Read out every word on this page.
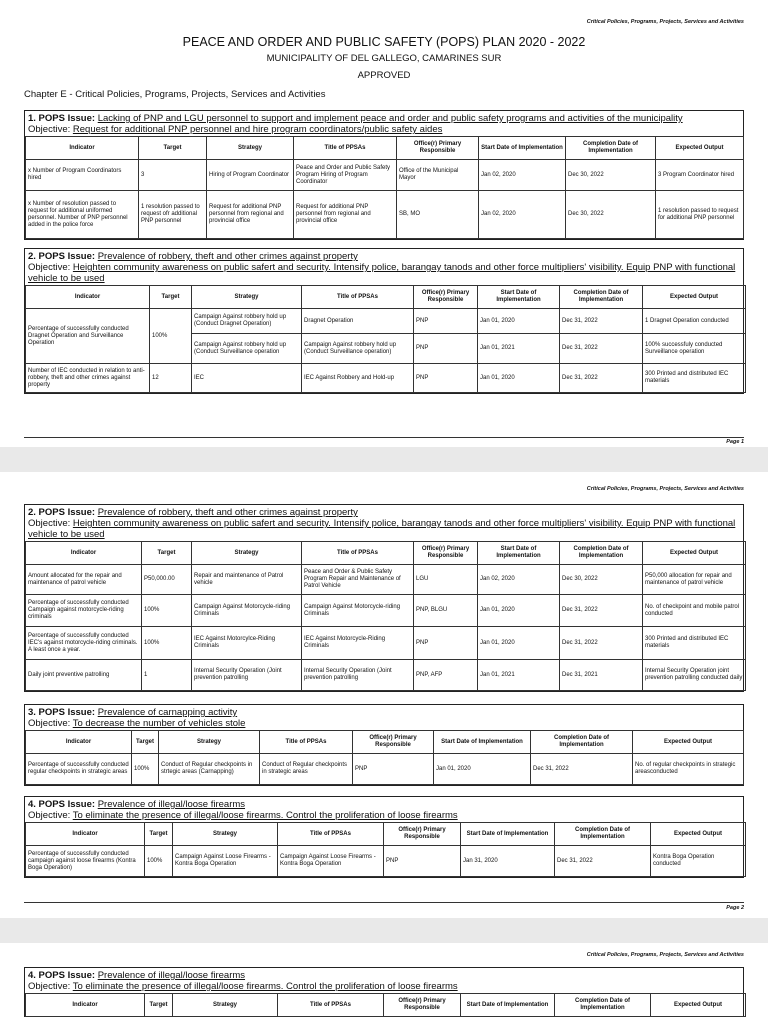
Critical Policies, Programs, Projects, Services and Activities
PEACE AND ORDER AND PUBLIC SAFETY (POPS) PLAN 2020 - 2022
MUNICIPALITY OF DEL GALLEGO, CAMARINES SUR
APPROVED
Chapter E - Critical Policies, Programs, Projects, Services and Activities
1. POPS Issue: Lacking of PNP and LGU personnel to support and implement peace and order and public safety programs and activities of the municipality
Objective: Request for additional PNP personnel and hire program coordinators/public safety aides
Indicator	Target	Strategy	Title of PPSAs	Office(r) Primary Responsible	Start Date of Implementation	Completion Date of Implementation	Expected Output
x Number of Program Coordinators hired	3	Hiring of Program Coordinator	Peace and Order and Public Safety Program Hiring of Program Coordinator	Office of the Municipal Mayor	Jan 02, 2020	Dec 30, 2022	3 Program Coordinator hired
x Number of resolution passed to request for additional uniformed personnel. Number of PNP personnel added in the police force	1 resolution passed to request ofr additional PNP personnel	Request for additional PNP personnel from regional and provincial office	Request for additional PNP personnel from regional and provincial office	SB, MO	Jan 02, 2020	Dec 30, 2022	1 resolution passed to request for additional PNP personnel
2. POPS Issue: Prevalence of robbery, theft and other crimes against property
Objective: Heighten community awareness on public safert and security. Intensify police, barangay tanods and other force multipliers' visibility. Equip PNP with functional vehicle to be used
Indicator	Target	Strategy	Title of PPSAs	Office(r) Primary Responsible	Start Date of Implementation	Completion Date of Implementation	Expected Output
Percentage of successfully conducted Dragnet Operation and Surveillance Operation	100%	Campaign Against robbery hold up (Conduct Dragnet Operation)	Dragnet Operation	PNP	Jan 01, 2020	Dec 31, 2022	1 Dragnet Operation conducted
		Campaign Against robbery hold up (Conduct Surveillance operation	Campaign Against robbery hold up (Conduct Surveillance operation)	PNP	Jan 01, 2021	Dec 31, 2022	100% successfuly conducted Surveillance operation
Number of IEC conducted in relation to anti-robbery, theft and other crimes against property	12	IEC	IEC Against Robbery and Hold-up	PNP	Jan 01, 2020	Dec 31, 2022	300 Printed and distributed IEC materials
Page 1
Critical Policies, Programs, Projects, Services and Activities
2. POPS Issue: Prevalence of robbery, theft and other crimes against property
Objective: Heighten community awareness on public safert and security. Intensify police, barangay tanods and other force multipliers' visibility. Equip PNP with functional vehicle to be used
Indicator	Target	Strategy	Title of PPSAs	Office(r) Primary Responsible	Start Date of Implementation	Completion Date of Implementation	Expected Output
Amount allocated for the repair and maintenance of patrol vehicle	P50,000.00	Repair and maintenance of Patrol vehicle	Peace and Order & Public Safety Program Repair and Maintenance of Patrol Vehicle	LGU	Jan 02, 2020	Dec 30, 2022	P50,000 allocation for repair and maintenance of patrol vehicle
Percentage of successfully conducted Campaign against motorcycle-riding criminals	100%	Campaign Against Motorcycle-riding Criminals	Campaign Against Motorcycle-riding Criminals	PNP, BLGU	Jan 01, 2020	Dec 31, 2022	No. of checkpoint and mobile patrol conducted
Percentage of successfully conducted IEC's against motorcycle-riding criminals. A least once a year.	100%	IEC Against Motorcylce-Riding Criminals	IEC Against Motorcycle-Riding Criminals	PNP	Jan 01, 2020	Dec 31, 2022	300 Printed and distributed IEC materials
Daily joint preventive patrolling	1	Internal Security Operation (Joint prevention patrolling	Internal Security Operation (Joint prevention patrolling	PNP, AFP	Jan 01, 2021	Dec 31, 2021	Internal Security Operation joint prevention patrolling conducted daily
3. POPS Issue: Prevalence of carnapping activity
Objective: To decrease the number of vehicles stole
Indicator	Target	Strategy	Title of PPSAs	Office(r) Primary Responsible	Start Date of Implementation	Completion Date of Implementation	Expected Output
Percentage of successfully conducted regular checkpoints in strategic areas	100%	Conduct of Regular checkpoints in strtegic areas (Carnapping)	Conduct of Regular checkpoints in strategic areas	PNP	Jan 01, 2020	Dec 31, 2022	No. of regular checkpoints in strategic areasconducted
4. POPS Issue: Prevalence of illegal/loose firearms
Objective: To eliminate the presence of illegal/loose firearms. Control the proliferation of loose firearms
Indicator	Target	Strategy	Title of PPSAs	Office(r) Primary Responsible	Start Date of Implementation	Completion Date of Implementation	Expected Output
Percentage of successfully conducted campaign against loose firearms (Kontra Boga Operation)	100%	Campaign Against Loose Firearms - Kontra Boga Operation	Campaign Against Loose Firearms - Kontra Boga Operation	PNP	Jan 31, 2020	Dec 31, 2022	Kontra Boga Operation conducted
Page 2
Critical Policies, Programs, Projects, Services and Activities
4. POPS Issue: Prevalence of illegal/loose firearms
Objective: To eliminate the presence of illegal/loose firearms. Control the proliferation of loose firearms
Indicator	Target	Strategy	Title of PPSAs	Office(r) Primary Responsible	Start Date of Implementation	Completion Date of Implementation	Expected Output
